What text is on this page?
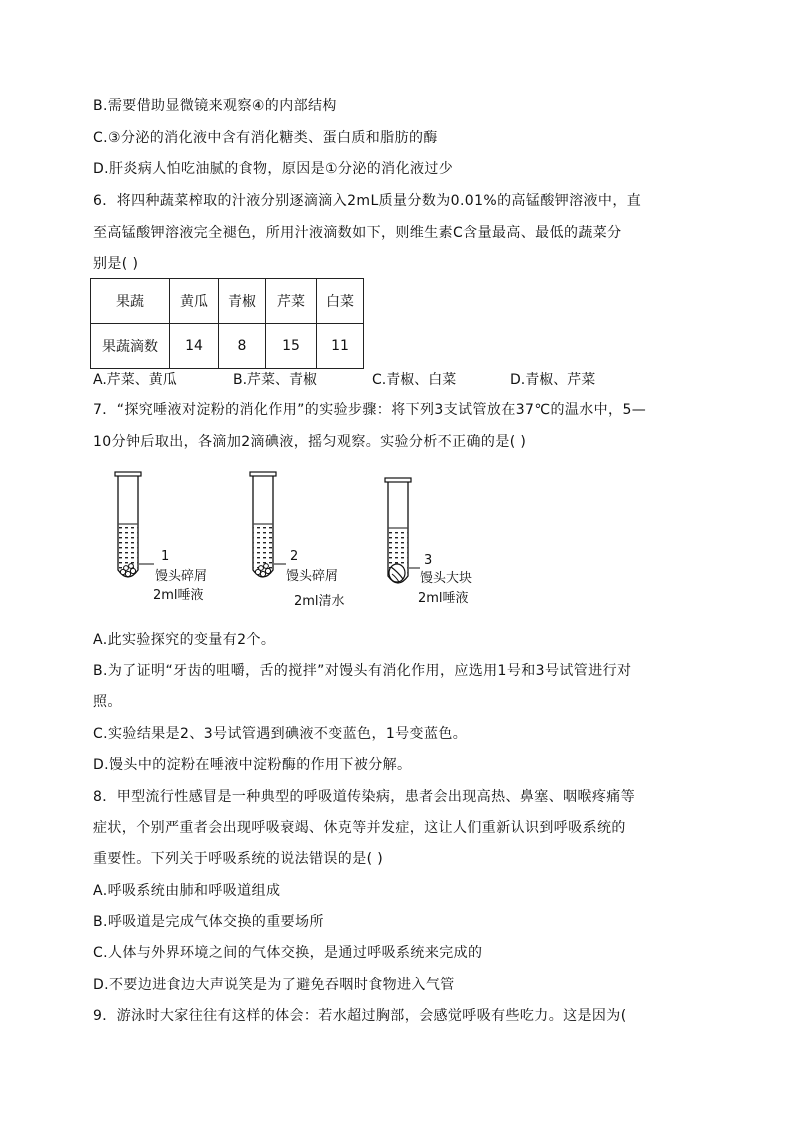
B.需要借助显微镜来观察④的内部结构
C.③分泌的消化液中含有消化糖类、蛋白质和脂肪的酶
D.肝炎病人怕吃油腻的食物，原因是①分泌的消化液过少
6．将四种蔬菜榨取的汁液分别逐滴滴入2mL质量分数为0.01%的高锰酸钾溶液中，直
至高锰酸钾溶液完全褪色，所用汁液滴数如下，则维生素C含量最高、最低的蔬菜分
别是( )
果蔬	黄瓜	青椒	芹菜	白菜
果蔬滴数	14	8	15	11
A.芹菜、黄瓜	B.芹菜、青椒	C.青椒、白菜	D.青椒、芹菜
7．“探究唾液对淀粉的消化作用”的实验步骤：将下列3支试管放在37℃的温水中，5—
10分钟后取出，各滴加2滴碘液，摇匀观察。实验分析不正确的是( )
1
馒头碎屑
2ml唾液
2
馒头碎屑
2ml清水
3
馒头大块
2ml唾液
A.此实验探究的变量有2个。
B.为了证明“牙齿的咀嚼，舌的搅拌”对馒头有消化作用，应选用1号和3号试管进行对
照。
C.实验结果是2、3号试管遇到碘液不变蓝色，1号变蓝色。
D.馒头中的淀粉在唾液中淀粉酶的作用下被分解。
8．甲型流行性感冒是一种典型的呼吸道传染病，患者会出现高热、鼻塞、咽喉疼痛等
症状，个别严重者会出现呼吸衰竭、休克等并发症，这让人们重新认识到呼吸系统的
重要性。下列关于呼吸系统的说法错误的是( )
A.呼吸系统由肺和呼吸道组成
B.呼吸道是完成气体交换的重要场所
C.人体与外界环境之间的气体交换，是通过呼吸系统来完成的
D.不要边进食边大声说笑是为了避免吞咽时食物进入气管
9．游泳时大家往往有这样的体会：若水超过胸部，会感觉呼吸有些吃力。这是因为(
